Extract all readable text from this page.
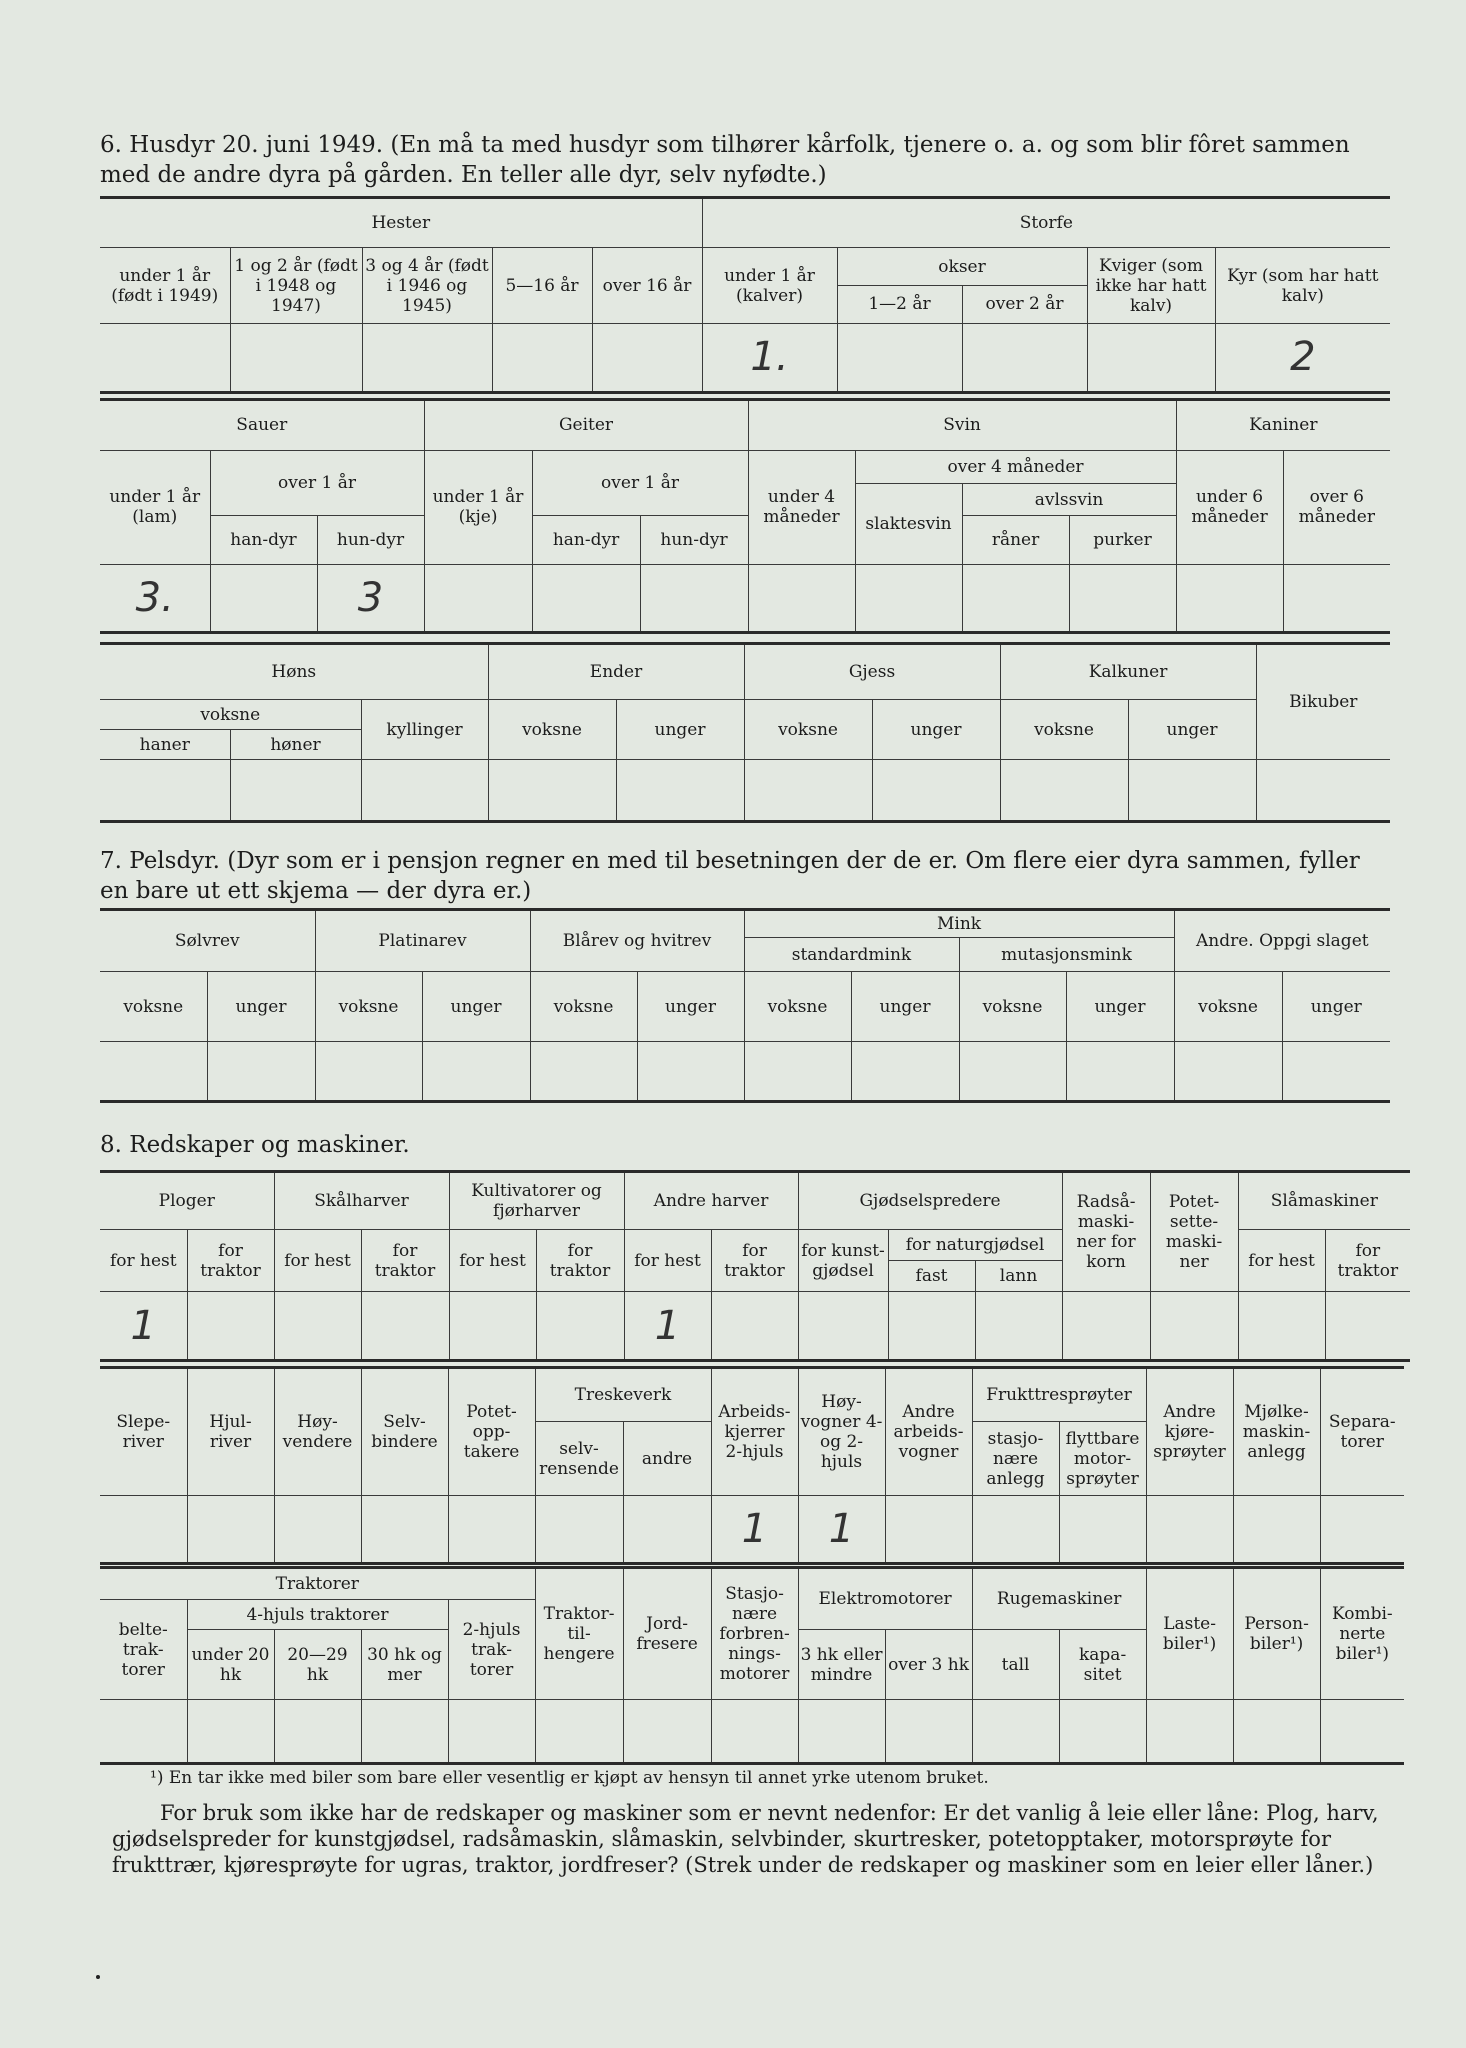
6. Husdyr 20. juni 1949. (En må ta med husdyr som tilhører kårfolk, tjenere o. a. og som blir fôret sammen med de andre dyra på gården. En teller alle dyr, selv nyfødte.)
Hester					Storfe				
under 1 år (født i 1949)	1 og 2 år (født i 1948 og 1947)	3 og 4 år (født i 1946 og 1945)	5—16 år	over 16 år	under 1 år (kalver)	okser		Kviger (som ikke har hatt kalv)	Kyr (som har hatt kalv)
						1—2 år	over 2 år		
					1.				2
Sauer			Geiter			Svin				Kaniner	
under 1 år (lam)	over 1 år		under 1 år (kje)	over 1 år		under 4 måneder	over 4 måneder			under 6 måneder	over 6 måneder
							slaktesvin	avlssvin			
	han-dyr	hun-dyr		han-dyr	hun-dyr			råner	purker		
3.		3									
Høns			Ender		Gjess		Kalkuner		Bikuber
voksne		kyllinger	voksne	unger	voksne	unger	voksne	unger	
haner	høner								

7. Pelsdyr. (Dyr som er i pensjon regner en med til besetningen der de er. Om flere eier dyra sammen, fyller en bare ut ett skjema — der dyra er.)
Sølvrev		Platinarev		Blårev og hvitrev		Mink				Andre. Oppgi slaget	
						standardmink		mutasjonsmink			
voksne	unger	voksne	unger	voksne	unger	voksne	unger	voksne	unger	voksne	unger

8. Redskaper og maskiner.
Ploger		Skålharver		Kultivatorer og fjørharver		Andre harver		Gjødselspredere			Radså-maski-ner for korn	Potet-sette-maski-ner	Slåmaskiner	
for hest	for traktor	for hest	for traktor	for hest	for traktor	for hest	for traktor	for kunst-gjødsel	for naturgjødsel				for hest	for traktor
									fast	lann				
1						1								
Slepe-river	Hjul-river	Høy-vendere	Selv-bindere	Potet-opp-takere	Treskeverk		Arbeids-kjerrer 2-hjuls	Høy-vogner 4- og 2-hjuls	Andre arbeids-vogner	Frukttresprøyter		Andre kjøre-sprøyter	Mjølke-maskin-anlegg	Separa-torer
					selv-rensende	andre				stasjo-nære anlegg	flyttbare motor-sprøyter			
							1	1						
Traktorer					Traktor-til-hengere	Jord-fresere	Stasjo-nære forbren-nings-motorer	Elektromotorer		Rugemaskiner		Laste-biler¹)	Person-biler¹)	Kombi-nerte biler¹)
belte-trak-torer	4-hjuls traktorer			2-hjuls trak-torer										
	under 20 hk	20—29 hk	30 hk og mer					3 hk eller mindre	over 3 hk	tall	kapa-sitet			

¹) En tar ikke med biler som bare eller vesentlig er kjøpt av hensyn til annet yrke utenom bruket.
For bruk som ikke har de redskaper og maskiner som er nevnt nedenfor: Er det vanlig å leie eller låne: Plog, harv, gjødselspreder for kunstgjødsel, radsåmaskin, slåmaskin, selvbinder, skurtresker, potetopptaker, motorsprøyte for frukttrær, kjøresprøyte for ugras, traktor, jordfreser? (Strek under de redskaper og maskiner som en leier eller låner.)
